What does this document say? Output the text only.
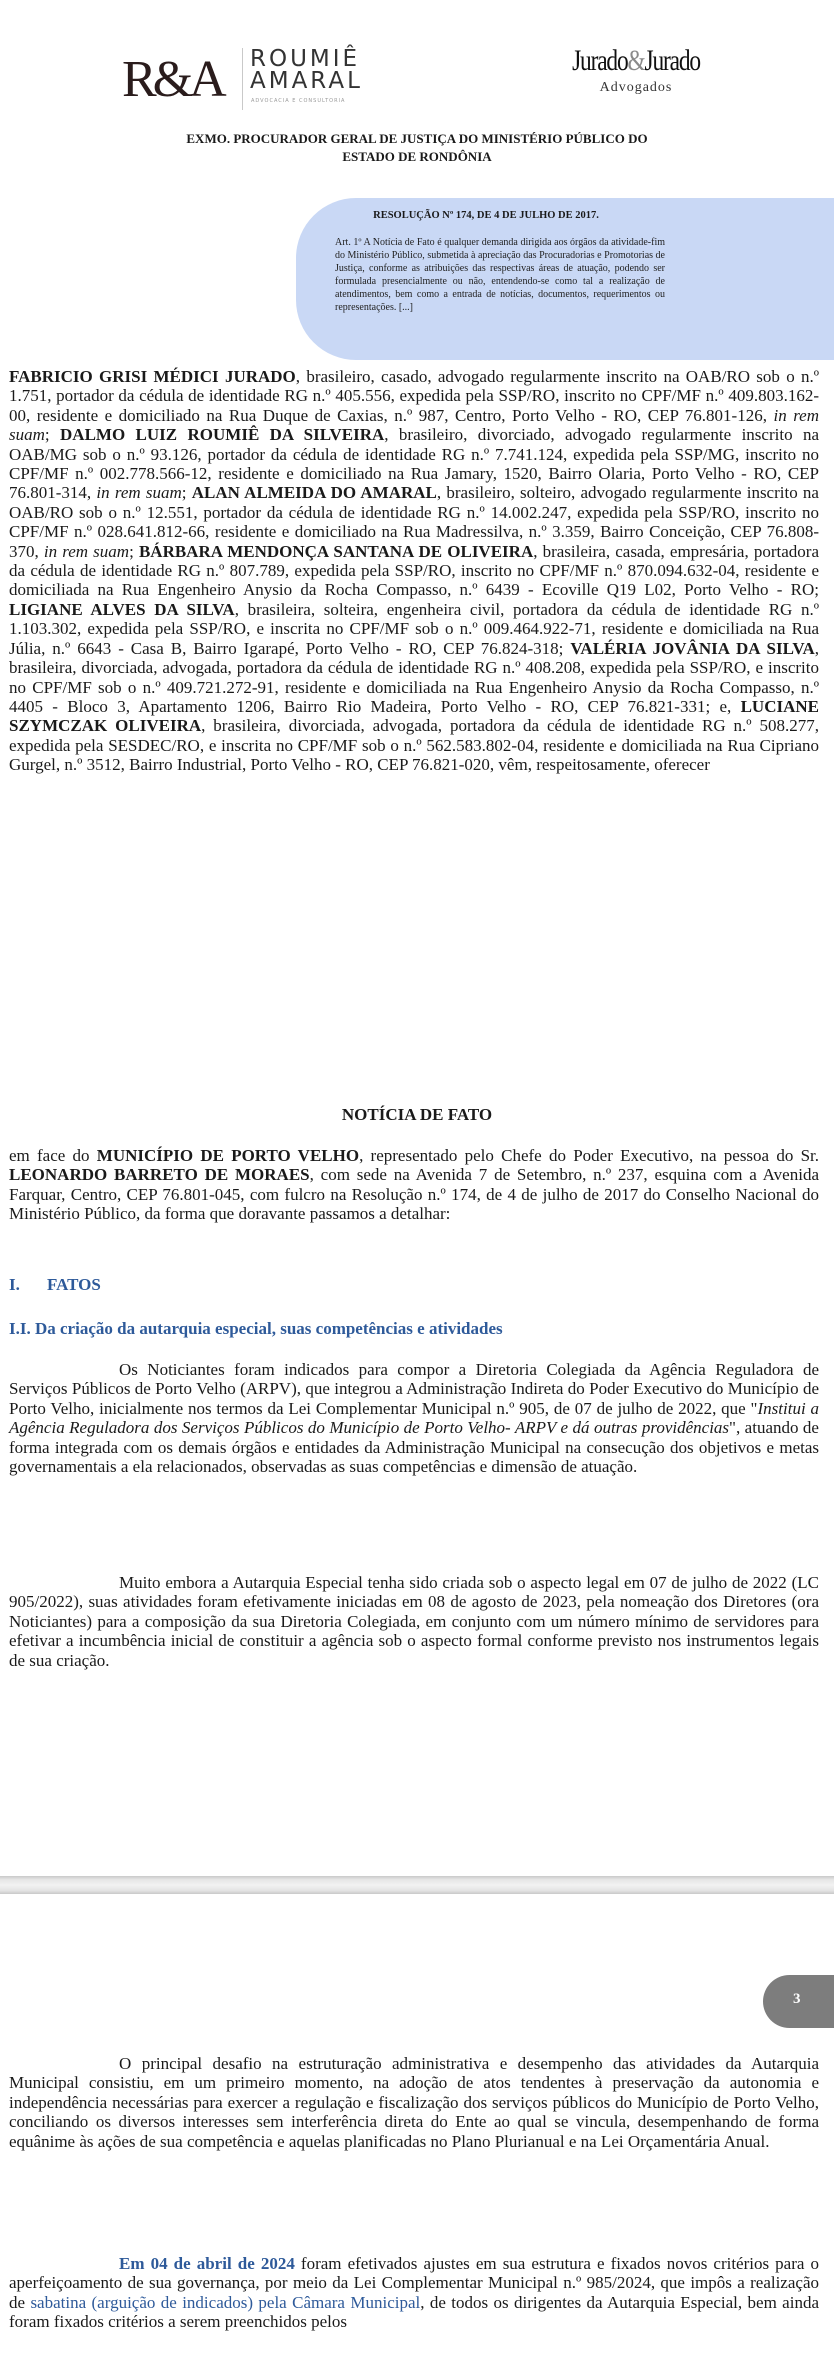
R&A ROUMIÊ
AMARAL
ADVOCACIA E CONSULTORIA
Jurado&Jurado
Advogados
EXMO. PROCURADOR GERAL DE JUSTIÇA DO MINISTÉRIO PÚBLICO DO
ESTADO DE RONDÔNIA
RESOLUÇÃO Nº 174, DE 4 DE JULHO DE 2017.
Art. 1º A Notícia de Fato é qualquer demanda dirigida aos órgãos da atividade-fim do Ministério Público, submetida à apreciação das Procuradorias e Promotorias de Justiça, conforme as atribuições das respectivas áreas de atuação, podendo ser formulada presencialmente ou não, entendendo-se como tal a realização de atendimentos, bem como a entrada de notícias, documentos, requerimentos ou representações. [...]
FABRICIO GRISI MÉDICI JURADO, brasileiro, casado, advogado regularmente inscrito na OAB/RO sob o n.º 1.751, portador da cédula de identidade RG n.º 405.556, expedida pela SSP/RO, inscrito no CPF/MF n.º 409.803.162-00, residente e domiciliado na Rua Duque de Caxias, n.º 987, Centro, Porto Velho - RO, CEP 76.801-126, in rem suam; DALMO LUIZ ROUMIÊ DA SILVEIRA, brasileiro, divorciado, advogado regularmente inscrito na OAB/MG sob o n.º 93.126, portador da cédula de identidade RG n.º 7.741.124, expedida pela SSP/MG, inscrito no CPF/MF n.º 002.778.566-12, residente e domiciliado na Rua Jamary, 1520, Bairro Olaria, Porto Velho - RO, CEP 76.801-314, in rem suam; ALAN ALMEIDA DO AMARAL, brasileiro, solteiro, advogado regularmente inscrito na OAB/RO sob o n.º 12.551, portador da cédula de identidade RG n.º 14.002.247, expedida pela SSP/RO, inscrito no CPF/MF n.º 028.641.812-66, residente e domiciliado na Rua Madressilva, n.º 3.359, Bairro Conceição, CEP 76.808-370, in rem suam; BÁRBARA MENDONÇA SANTANA DE OLIVEIRA, brasileira, casada, empresária, portadora da cédula de identidade RG n.º 807.789, expedida pela SSP/RO, inscrito no CPF/MF n.º 870.094.632-04, residente e domiciliada na Rua Engenheiro Anysio da Rocha Compasso, n.º 6439 - Ecoville Q19 L02, Porto Velho - RO; LIGIANE ALVES DA SILVA, brasileira, solteira, engenheira civil, portadora da cédula de identidade RG n.º 1.103.302, expedida pela SSP/RO, e inscrita no CPF/MF sob o n.º 009.464.922-71, residente e domiciliada na Rua Júlia, n.º 6643 - Casa B, Bairro Igarapé, Porto Velho - RO, CEP 76.824-318; VALÉRIA JOVÂNIA DA SILVA, brasileira, divorciada, advogada, portadora da cédula de identidade RG n.º 408.208, expedida pela SSP/RO, e inscrito no CPF/MF sob o n.º 409.721.272-91, residente e domiciliada na Rua Engenheiro Anysio da Rocha Compasso, n.º 4405 - Bloco 3, Apartamento 1206, Bairro Rio Madeira, Porto Velho - RO, CEP 76.821-331; e, LUCIANE SZYMCZAK OLIVEIRA, brasileira, divorciada, advogada, portadora da cédula de identidade RG n.º 508.277, expedida pela SESDEC/RO, e inscrita no CPF/MF sob o n.º 562.583.802-04, residente e domiciliada na Rua Cipriano Gurgel, n.º 3512, Bairro Industrial, Porto Velho - RO, CEP 76.821-020, vêm, respeitosamente, oferecer
NOTÍCIA DE FATO
em face do MUNICÍPIO DE PORTO VELHO, representado pelo Chefe do Poder Executivo, na pessoa do Sr. LEONARDO BARRETO DE MORAES, com sede na Avenida 7 de Setembro, n.º 237, esquina com a Avenida Farquar, Centro, CEP 76.801-045, com fulcro na Resolução n.º 174, de 4 de julho de 2017 do Conselho Nacional do Ministério Público, da forma que doravante passamos a detalhar:
I. FATOS
I.I. Da criação da autarquia especial, suas competências e atividades
Os Noticiantes foram indicados para compor a Diretoria Colegiada da Agência Reguladora de Serviços Públicos de Porto Velho (ARPV), que integrou a Administração Indireta do Poder Executivo do Município de Porto Velho, inicialmente nos termos da Lei Complementar Municipal n.º 905, de 07 de julho de 2022, que "Institui a Agência Reguladora dos Serviços Públicos do Município de Porto Velho- ARPV e dá outras providências", atuando de forma integrada com os demais órgãos e entidades da Administração Municipal na consecução dos objetivos e metas governamentais a ela relacionados, observadas as suas competências e dimensão de atuação.
Muito embora a Autarquia Especial tenha sido criada sob o aspecto legal em 07 de julho de 2022 (LC 905/2022), suas atividades foram efetivamente iniciadas em 08 de agosto de 2023, pela nomeação dos Diretores (ora Noticiantes) para a composição da sua Diretoria Colegiada, em conjunto com um número mínimo de servidores para efetivar a incumbência inicial de constituir a agência sob o aspecto formal conforme previsto nos instrumentos legais de sua criação.
3
O principal desafio na estruturação administrativa e desempenho das atividades da Autarquia Municipal consistiu, em um primeiro momento, na adoção de atos tendentes à preservação da autonomia e independência necessárias para exercer a regulação e fiscalização dos serviços públicos do Município de Porto Velho, conciliando os diversos interesses sem interferência direta do Ente ao qual se vincula, desempenhando de forma equânime às ações de sua competência e aquelas planificadas no Plano Plurianual e na Lei Orçamentária Anual.
Em 04 de abril de 2024 foram efetivados ajustes em sua estrutura e fixados novos critérios para o aperfeiçoamento de sua governança, por meio da Lei Complementar Municipal n.º 985/2024, que impôs a realização de sabatina (arguição de indicados) pela Câmara Municipal, de todos os dirigentes da Autarquia Especial, bem ainda foram fixados critérios a serem preenchidos pelos
